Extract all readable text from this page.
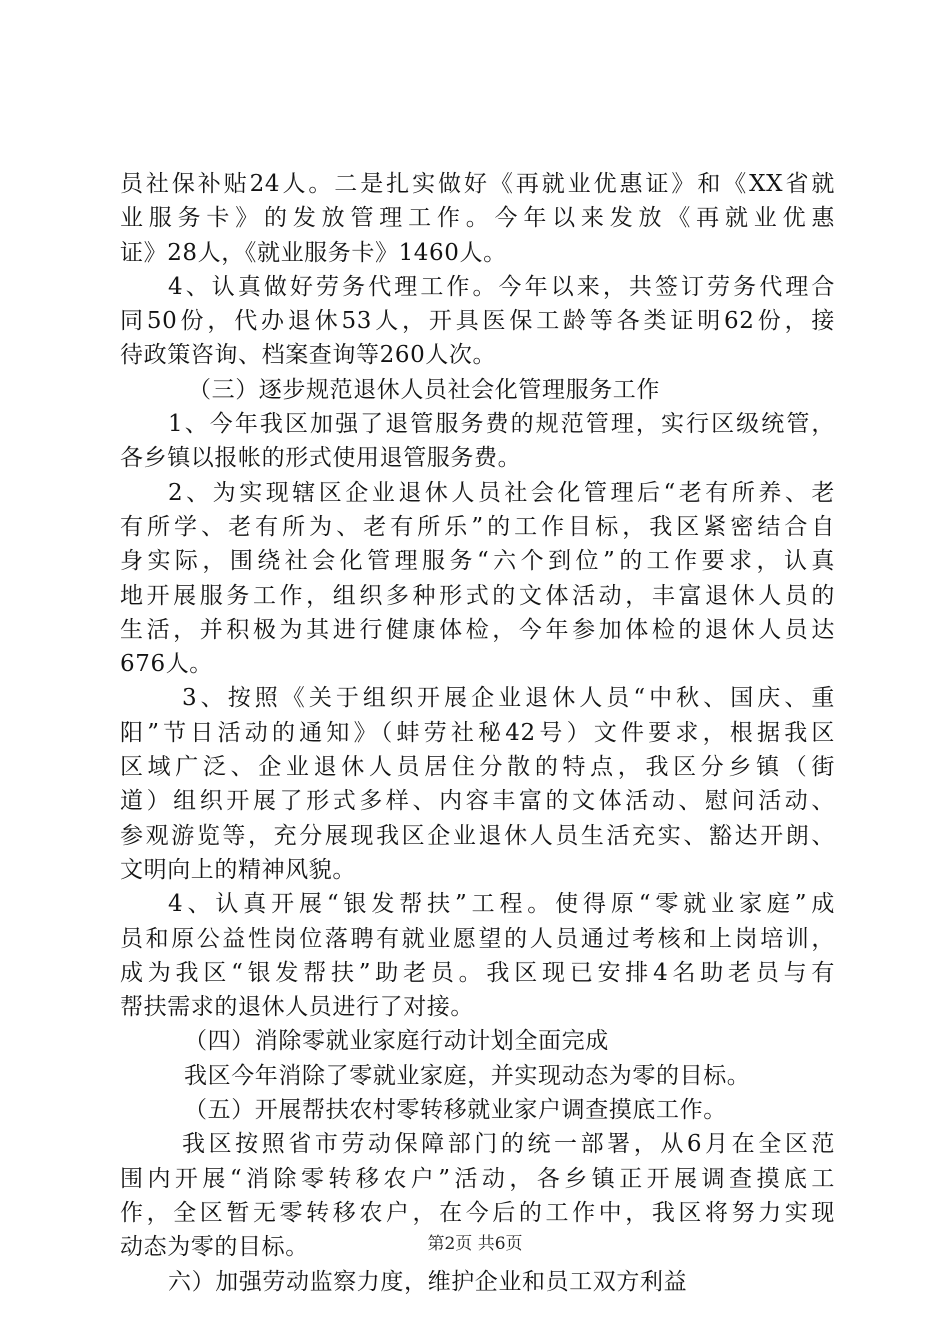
员社保补贴24人。二是扎实做好《再就业优惠证》和《XX省就
业服务卡》的发放管理工作。今年以来发放《再就业优惠
证》28人，《就业服务卡》1460人。
4、认真做好劳务代理工作。今年以来，共签订劳务代理合
同50份，代办退休53人，开具医保工龄等各类证明62份，接
待政策咨询、档案查询等260人次。
（三）逐步规范退休人员社会化管理服务工作
1、今年我区加强了退管服务费的规范管理，实行区级统管，
各乡镇以报帐的形式使用退管服务费。
2、为实现辖区企业退休人员社会化管理后“老有所养、老
有所学、老有所为、老有所乐”的工作目标，我区紧密结合自
身实际，围绕社会化管理服务“六个到位”的工作要求，认真
地开展服务工作，组织多种形式的文体活动，丰富退休人员的
生活，并积极为其进行健康体检，今年参加体检的退休人员达
676人。
3、按照《关于组织开展企业退休人员“中秋、国庆、重
阳”节日活动的通知》（蚌劳社秘42号）文件要求，根据我区
区域广泛、企业退休人员居住分散的特点，我区分乡镇（街
道）组织开展了形式多样、内容丰富的文体活动、慰问活动、
参观游览等，充分展现我区企业退休人员生活充实、豁达开朗、
文明向上的精神风貌。
4、认真开展“银发帮扶”工程。使得原“零就业家庭”成
员和原公益性岗位落聘有就业愿望的人员通过考核和上岗培训，
成为我区“银发帮扶”助老员。我区现已安排4名助老员与有
帮扶需求的退休人员进行了对接。
（四）消除零就业家庭行动计划全面完成
我区今年消除了零就业家庭，并实现动态为零的目标。
（五）开展帮扶农村零转移就业家户调查摸底工作。
我区按照省市劳动保障部门的统一部署，从6月在全区范
围内开展“消除零转移农户”活动，各乡镇正开展调查摸底工
作，全区暂无零转移农户，在今后的工作中，我区将努力实现
动态为零的目标。
六）加强劳动监察力度，维护企业和员工双方利益
第2页 共6页
